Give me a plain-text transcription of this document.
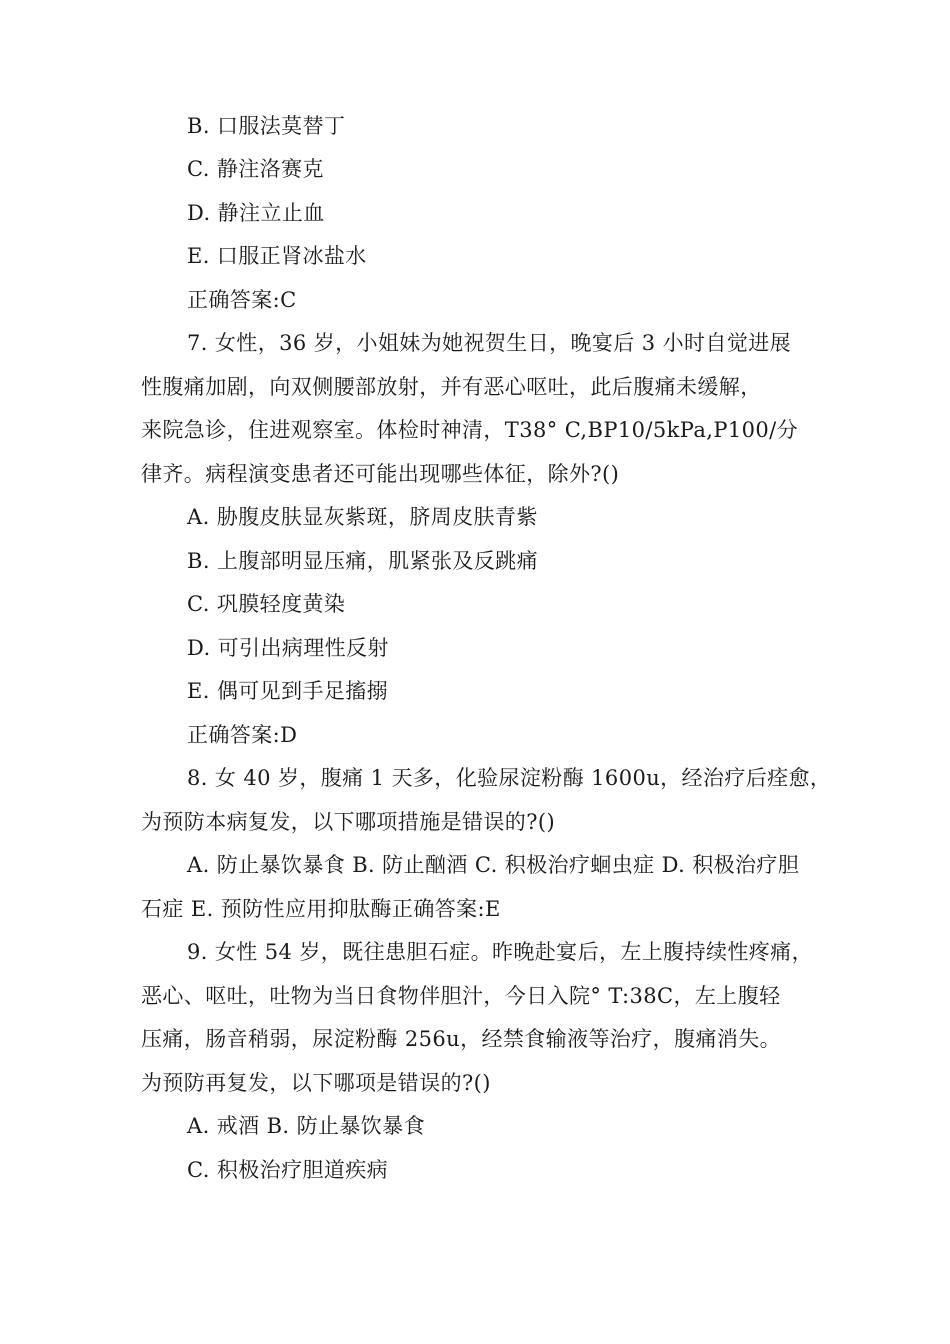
B. 口服法莫替丁

C. 静注洛赛克

D. 静注立止血

E. 口服正肾冰盐水

正确答案:C

7. 女性，36 岁，小姐妹为她祝贺生日，晚宴后 3 小时自觉进展

性腹痛加剧，向双侧腰部放射，并有恶心呕吐，此后腹痛未缓解，

来院急诊，住进观察室。体检时神清，T38° C,BP10/5kPa,P100/分

律齐。病程演变患者还可能出现哪些体征，除外?()

A. 胁腹皮肤显灰紫斑，脐周皮肤青紫

B. 上腹部明显压痛，肌紧张及反跳痛

C. 巩膜轻度黄染

D. 可引出病理性反射

E. 偶可见到手足搐搦

正确答案:D

8. 女 40 岁，腹痛 1 天多，化验尿淀粉酶 1600u，经治疗后痊愈，

为预防本病复发，以下哪项措施是错误的?()

A. 防止暴饮暴食 B. 防止酗酒 C. 积极治疗蛔虫症 D. 积极治疗胆

石症 E. 预防性应用抑肽酶正确答案:E

9. 女性 54 岁，既往患胆石症。昨晚赴宴后，左上腹持续性疼痛，

恶心、呕吐，吐物为当日食物伴胆汁，今日入院° T:38C，左上腹轻

压痛，肠音稍弱，尿淀粉酶 256u，经禁食输液等治疗，腹痛消失。

为预防再复发，以下哪项是错误的?()

A. 戒酒 B. 防止暴饮暴食

C. 积极治疗胆道疾病
